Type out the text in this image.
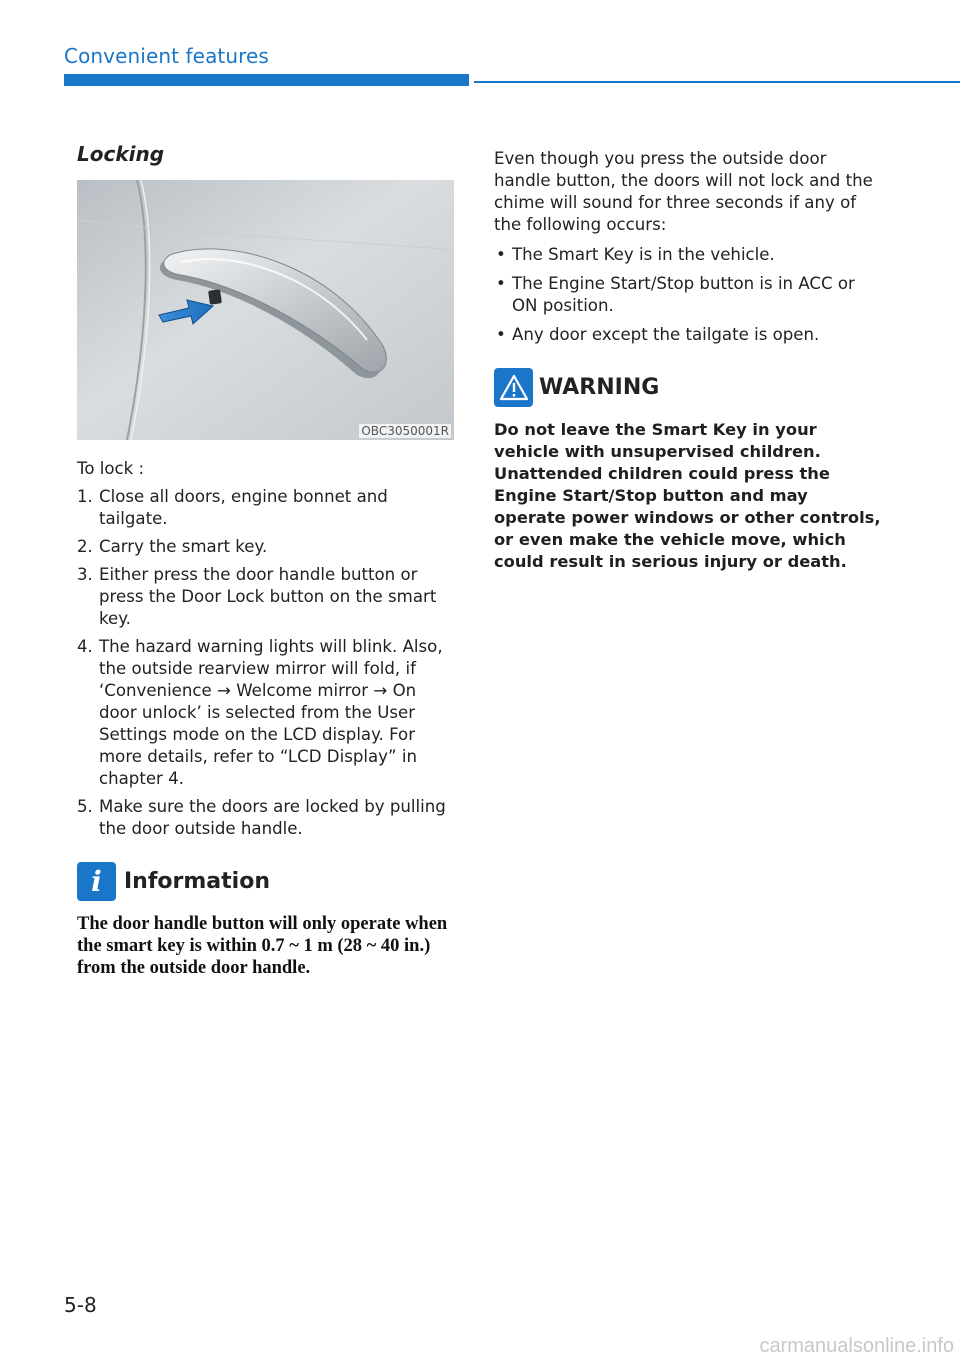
Convenient features
Locking
OBC3050001R

To lock :

1. Close all doors, engine bonnet and tailgate.
2. Carry the smart key.
3. Either press the door handle button or press the Door Lock button on the smart key.
4. The hazard warning lights will blink. Also, the outside rearview mirror will fold, if ‘Convenience → Welcome mirror → On door unlock’ is selected from the User Settings mode on the LCD display. For more details, refer to “LCD Display” in chapter 4.
5. Make sure the doors are locked by pulling the door outside handle.
i	Information

The door handle button will only operate when the smart key is within 0.7 ~ 1 m (28 ~ 40 in.) from the outside door handle.

Even though you press the outside door handle button, the doors will not lock and the chime will sound for three seconds if any of the following occurs:

• The Smart Key is in the vehicle.
• The Engine Start/Stop button is in ACC or ON position.
• Any door except the tailgate is open.
WARNING

Do not leave the Smart Key in your vehicle with unsupervised children. Unattended children could press the Engine Start/Stop button and may operate power windows or other controls, or even make the vehicle move, which could result in serious injury or death.

5-8
carmanualsonline.info
